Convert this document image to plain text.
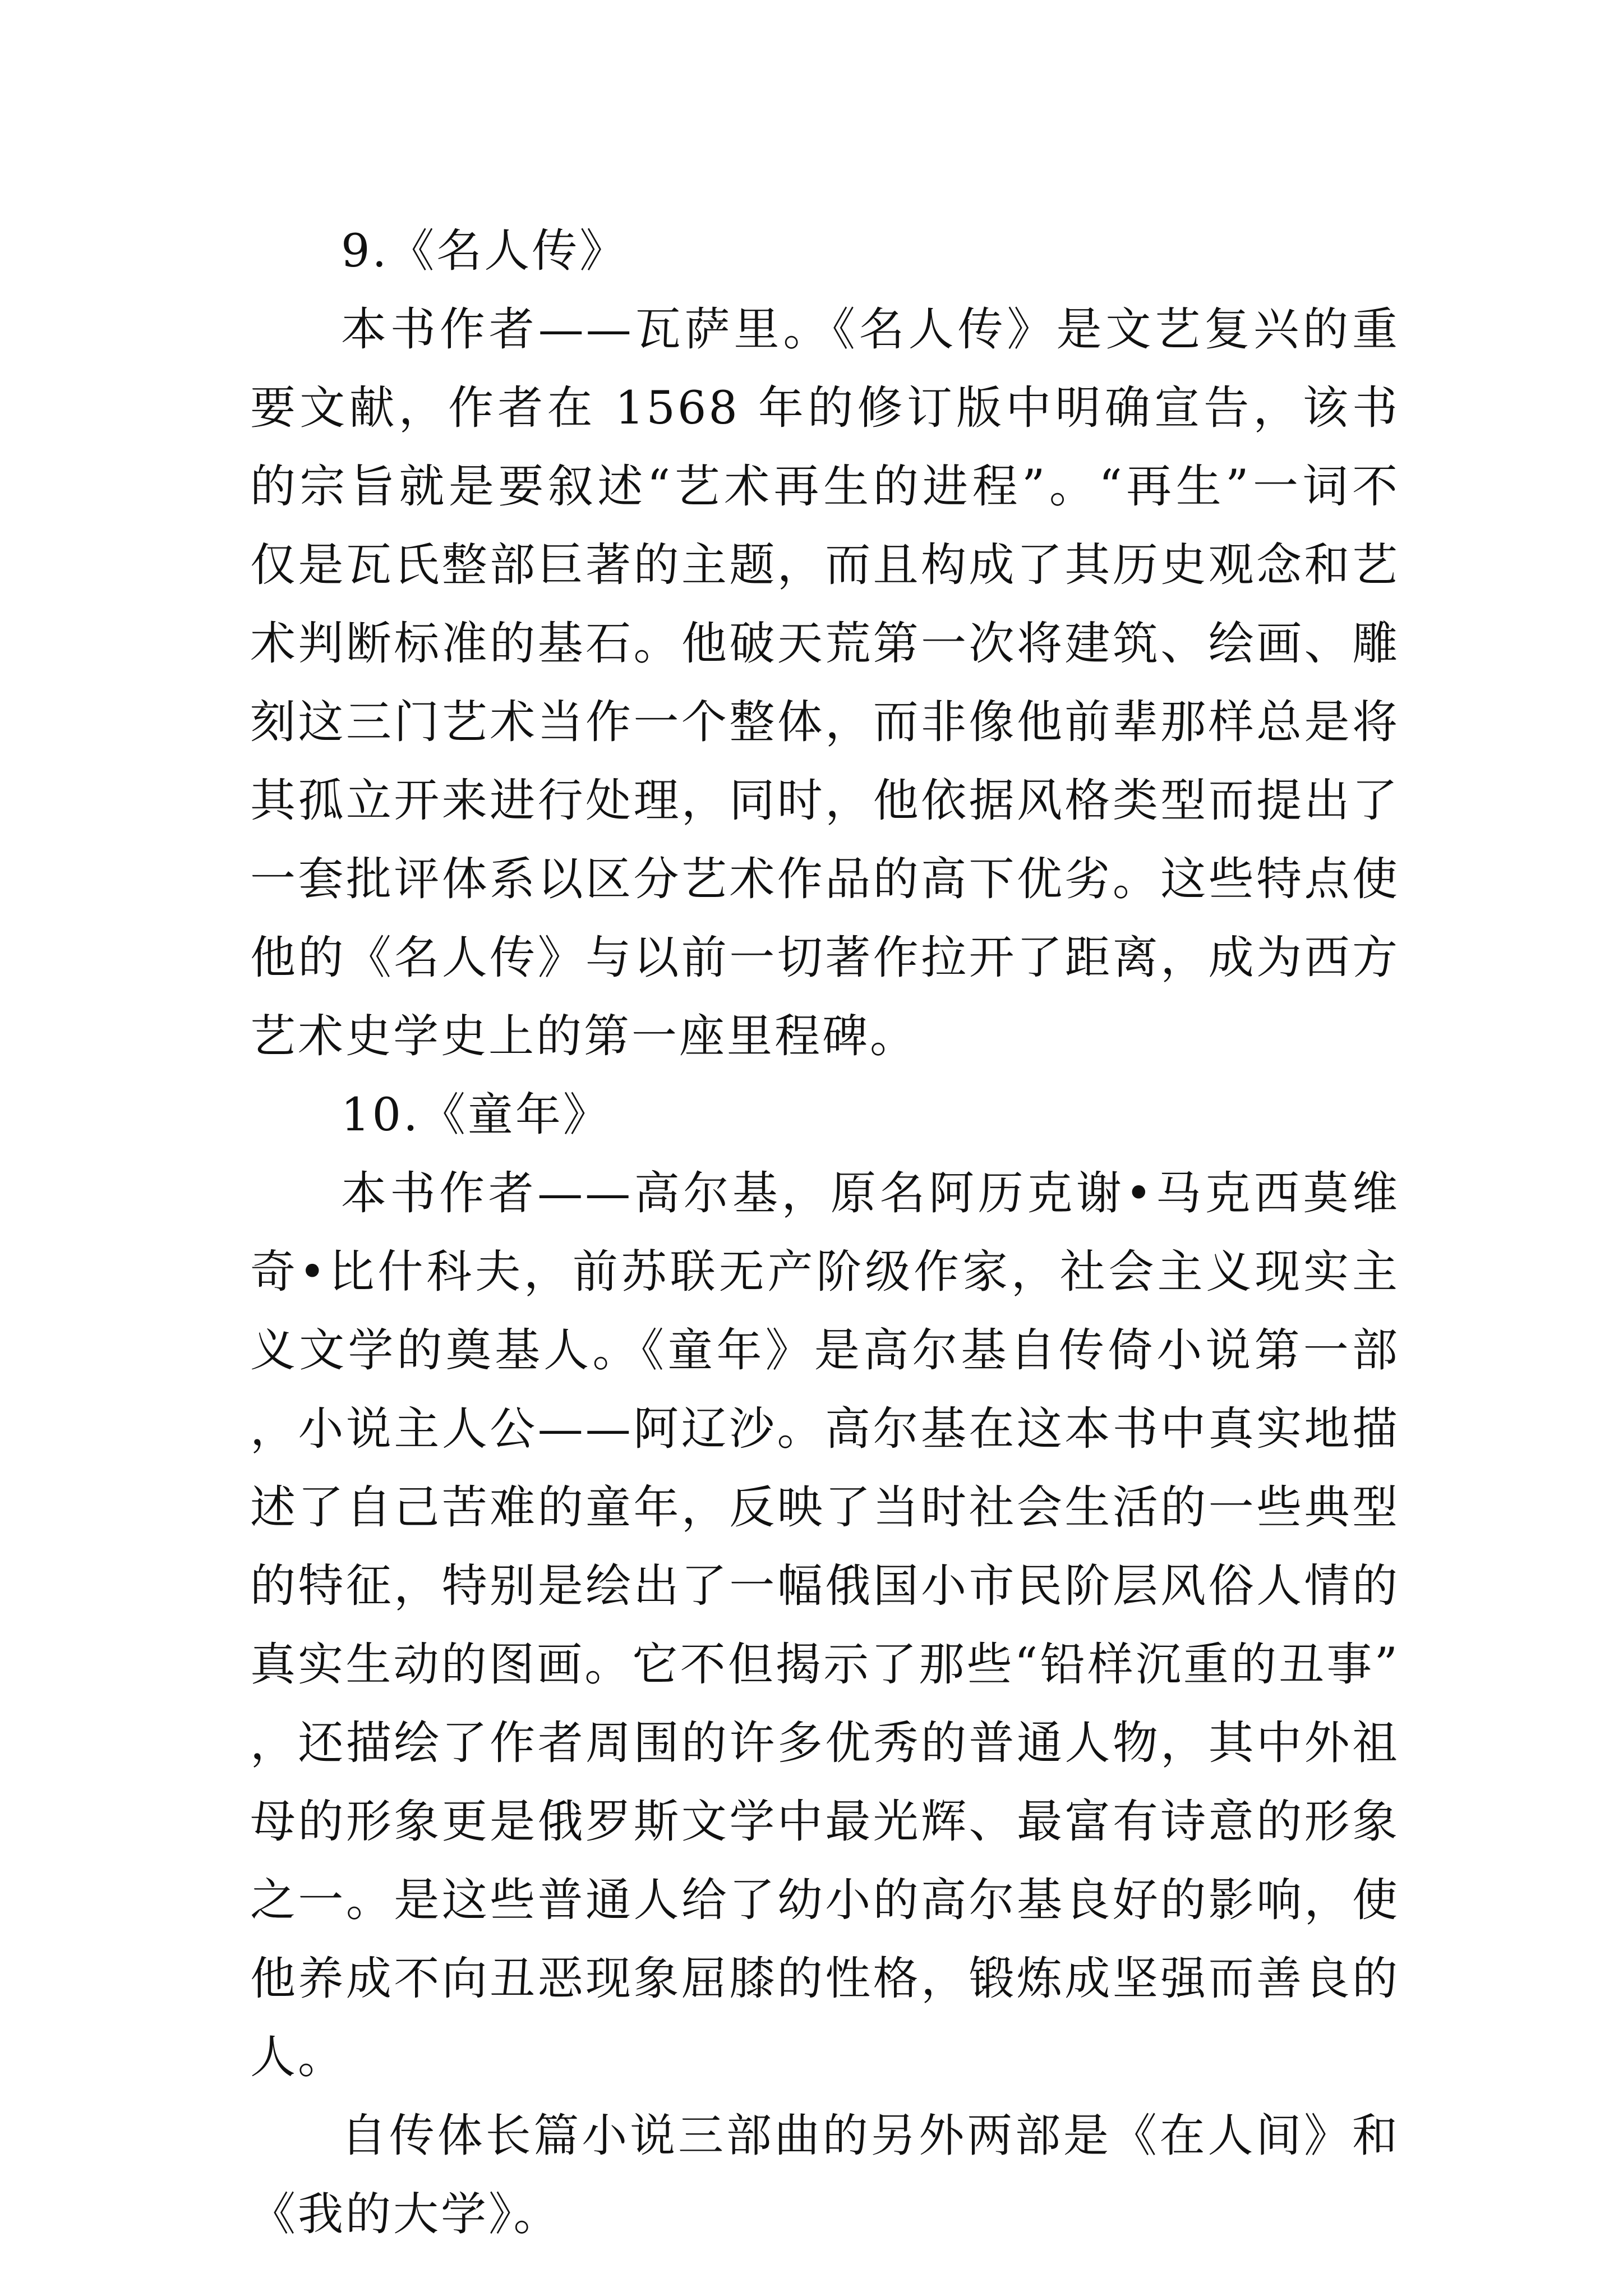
9.《名人传》

本书作者——瓦萨里。《名人传》是文艺复兴的重要文献，作者在 1568 年的修订版中明确宣告，该书的宗旨就是要叙述“艺术再生的进程”。“再生”一词不仅是瓦氏整部巨著的主题，而且构成了其历史观念和艺术判断标准的基石。他破天荒第一次将建筑、绘画、雕刻这三门艺术当作一个整体，而非像他前辈那样总是将其孤立开来进行处理，同时，他依据风格类型而提出了一套批评体系以区分艺术作品的高下优劣。这些特点使他的《名人传》与以前一切著作拉开了距离，成为西方艺术史学史上的第一座里程碑。

10.《童年》

本书作者——高尔基，原名阿历克谢•马克西莫维奇•比什科夫，前苏联无产阶级作家，社会主义现实主义文学的奠基人。《童年》是高尔基自传倚小说第一部，小说主人公——阿辽沙。高尔基在这本书中真实地描述了自己苦难的童年，反映了当时社会生活的一些典型的特征，特别是绘出了一幅俄国小市民阶层风俗人情的真实生动的图画。它不但揭示了那些“铅样沉重的丑事”，还描绘了作者周围的许多优秀的普通人物，其中外祖母的形象更是俄罗斯文学中最光辉、最富有诗意的形象之一。是这些普通人给了幼小的高尔基良好的影响，使他养成不向丑恶现象屈膝的性格，锻炼成坚强而善良的人。

自传体长篇小说三部曲的另外两部是《在人间》和《我的大学》。
